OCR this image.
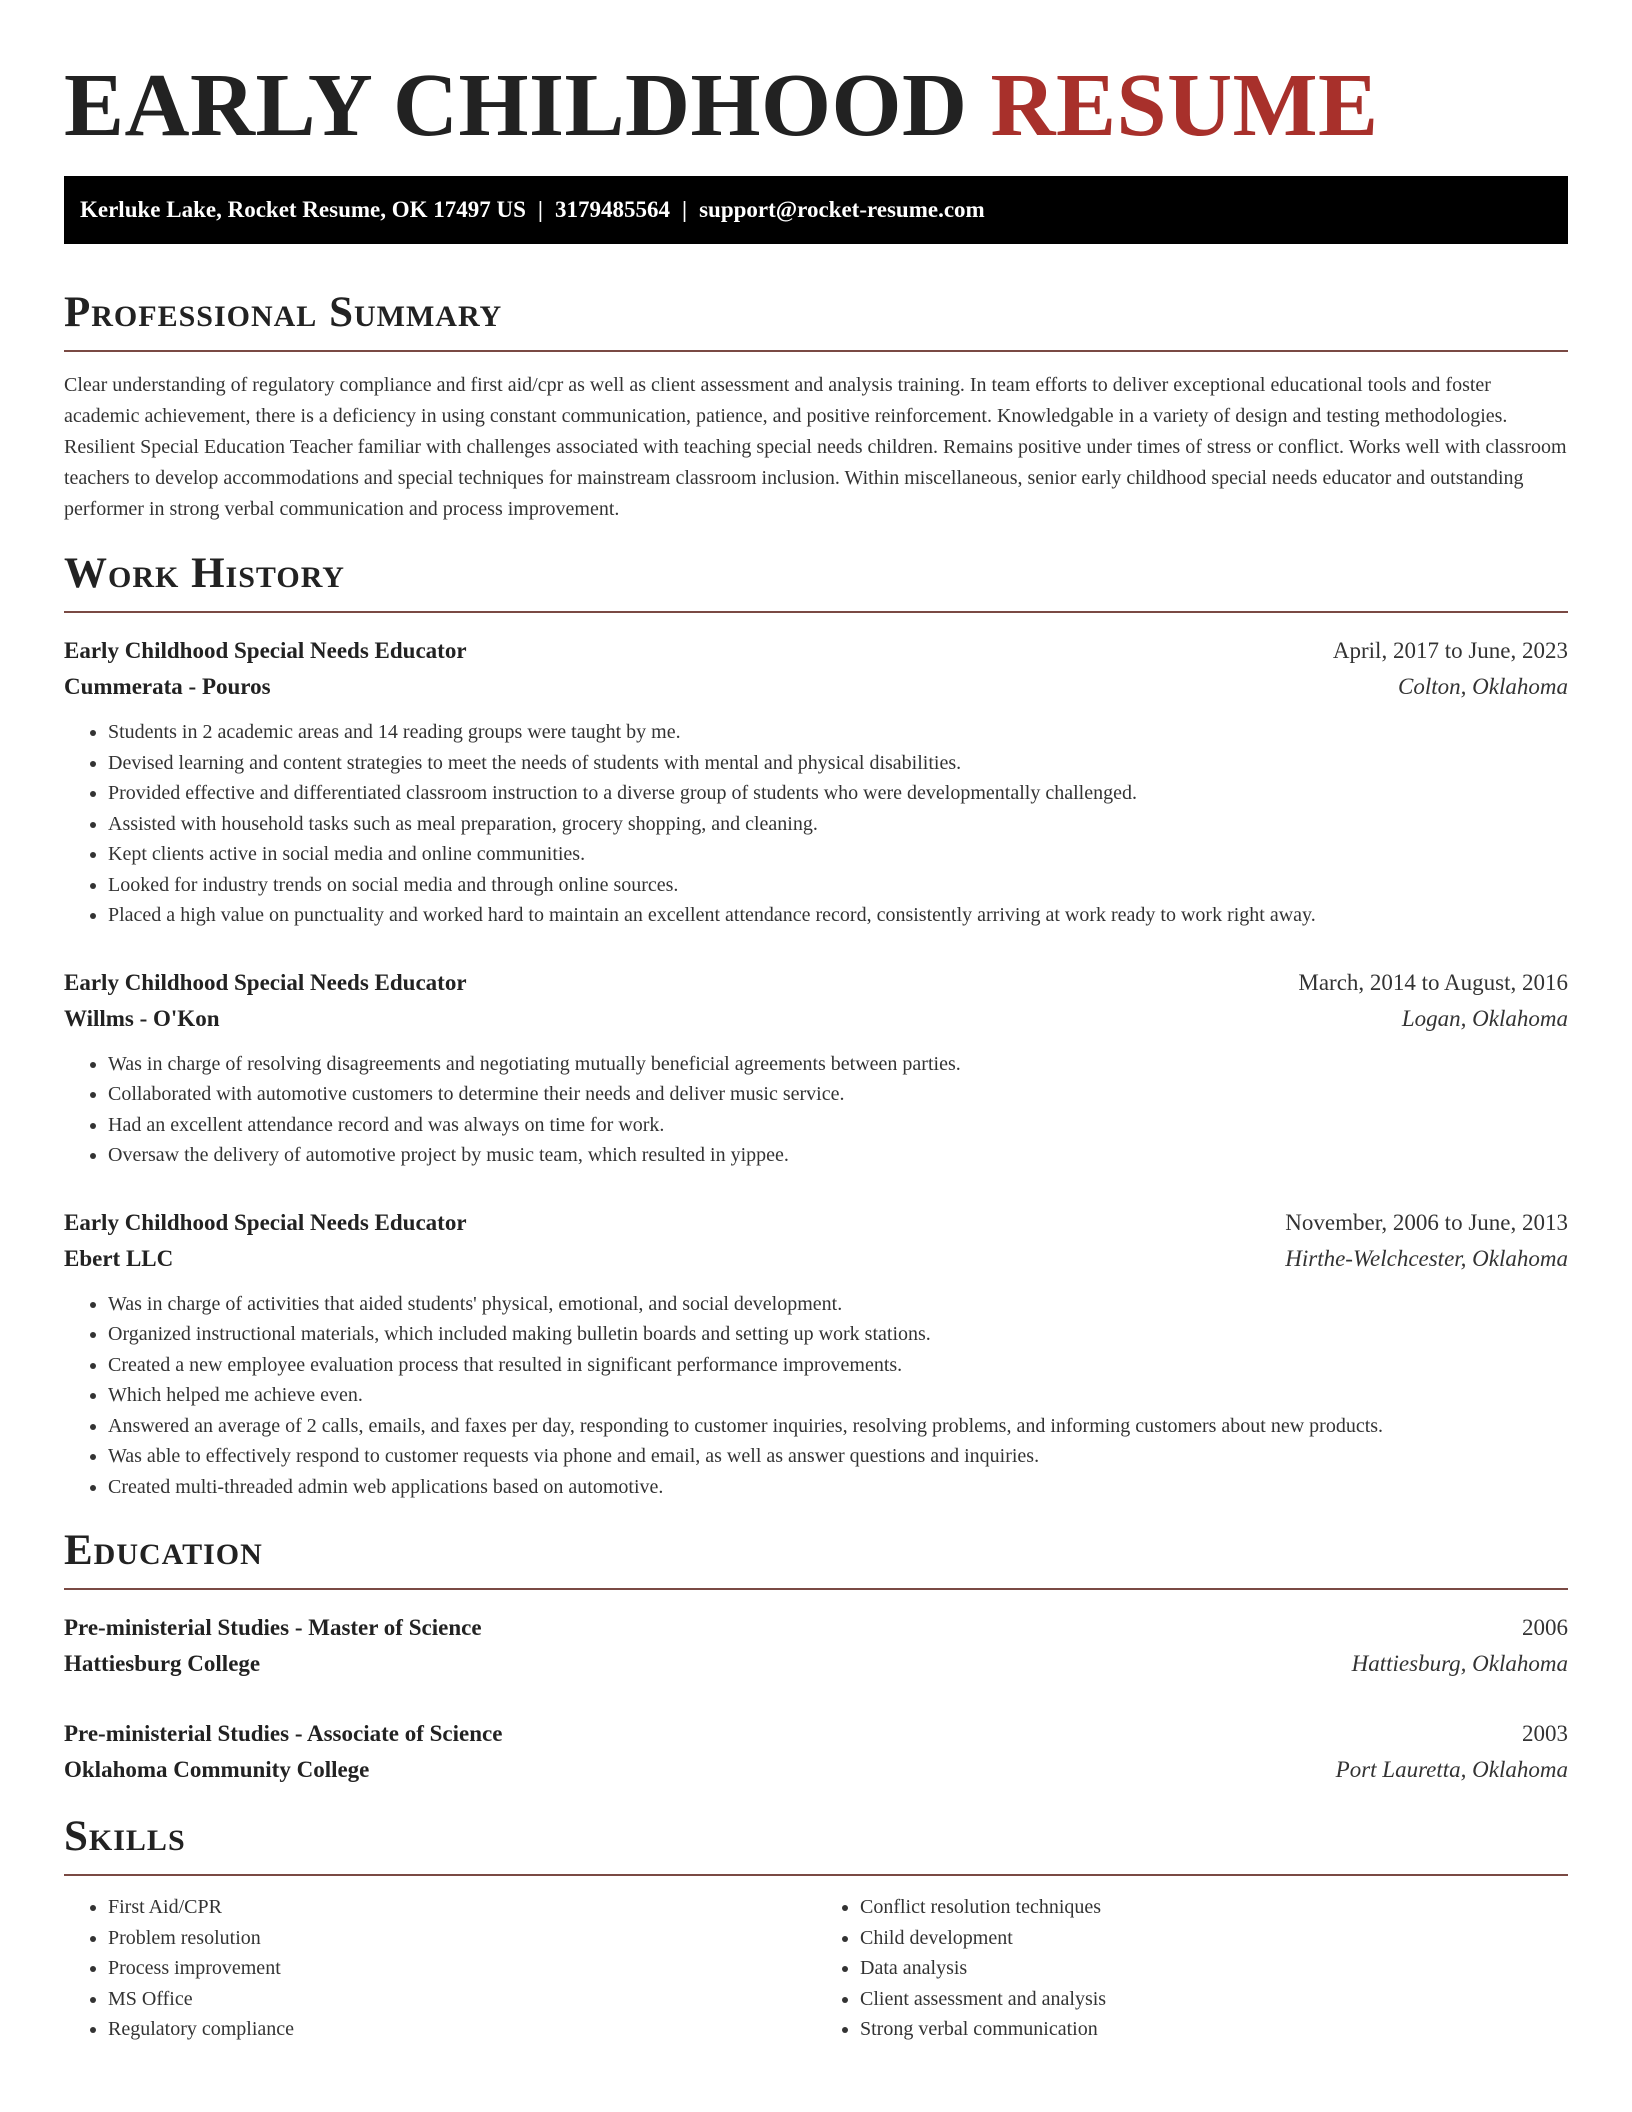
EARLY CHILDHOOD RESUME
Kerluke Lake, Rocket Resume, OK 17497 US | 3179485564 | support@rocket-resume.com
Professional Summary

Clear understanding of regulatory compliance and first aid/cpr as well as client assessment and analysis training. In team efforts to deliver exceptional educational tools and foster academic achievement, there is a deficiency in using constant communication, patience, and positive reinforcement. Knowledgable in a variety of design and testing methodologies. Resilient Special Education Teacher familiar with challenges associated with teaching special needs children. Remains positive under times of stress or conflict. Works well with classroom teachers to develop accommodations and special techniques for mainstream classroom inclusion. Within miscellaneous, senior early childhood special needs educator and outstanding performer in strong verbal communication and process improvement.

Work History
Early Childhood Special Needs Educator	April, 2017 to June, 2023
Cummerata - Pouros	Colton, Oklahoma
• Students in 2 academic areas and 14 reading groups were taught by me.
• Devised learning and content strategies to meet the needs of students with mental and physical disabilities.
• Provided effective and differentiated classroom instruction to a diverse group of students who were developmentally challenged.
• Assisted with household tasks such as meal preparation, grocery shopping, and cleaning.
• Kept clients active in social media and online communities.
• Looked for industry trends on social media and through online sources.
• Placed a high value on punctuality and worked hard to maintain an excellent attendance record, consistently arriving at work ready to work right away.
Early Childhood Special Needs Educator	March, 2014 to August, 2016
Willms - O'Kon	Logan, Oklahoma
• Was in charge of resolving disagreements and negotiating mutually beneficial agreements between parties.
• Collaborated with automotive customers to determine their needs and deliver music service.
• Had an excellent attendance record and was always on time for work.
• Oversaw the delivery of automotive project by music team, which resulted in yippee.
Early Childhood Special Needs Educator	November, 2006 to June, 2013
Ebert LLC	Hirthe-Welchcester, Oklahoma
• Was in charge of activities that aided students' physical, emotional, and social development.
• Organized instructional materials, which included making bulletin boards and setting up work stations.
• Created a new employee evaluation process that resulted in significant performance improvements.
• Which helped me achieve even.
• Answered an average of 2 calls, emails, and faxes per day, responding to customer inquiries, resolving problems, and informing customers about new products.
• Was able to effectively respond to customer requests via phone and email, as well as answer questions and inquiries.
• Created multi-threaded admin web applications based on automotive.
Education
Pre-ministerial Studies - Master of Science	2006
Hattiesburg College	Hattiesburg, Oklahoma
Pre-ministerial Studies - Associate of Science	2003
Oklahoma Community College	Port Lauretta, Oklahoma
Skills
• First Aid/CPR
• Problem resolution
• Process improvement
• MS Office
• Regulatory compliance
• Conflict resolution techniques
• Child development
• Data analysis
• Client assessment and analysis
• Strong verbal communication
